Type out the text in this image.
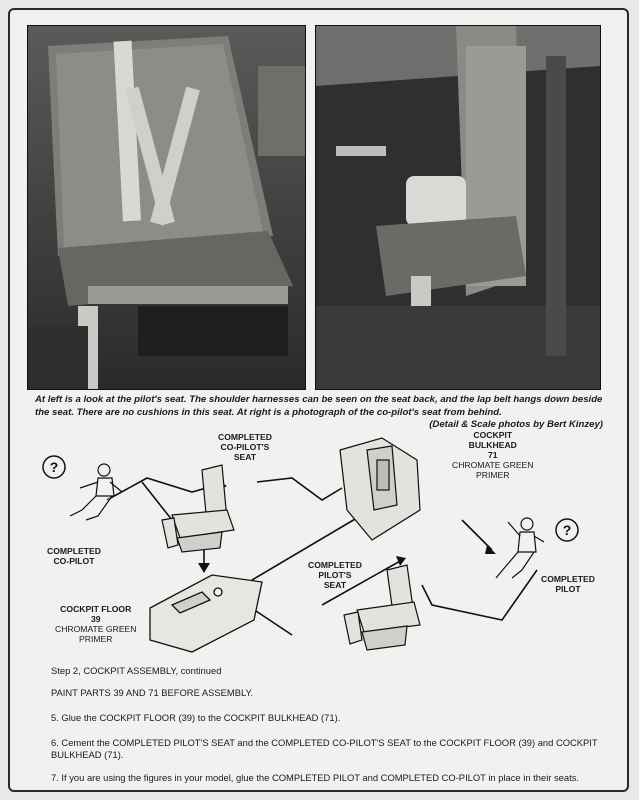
At left is a look at the pilot's seat. The shoulder harnesses can be seen on the seat back, and the lap belt hangs down beside the seat. There are no cushions in this seat. At right is a photograph of the co-pilot's seat from behind.
(Detail & Scale photos by Bert Kinzey)
?
?
COMPLETED
CO-PILOT'S
SEAT
COCKPIT
BULKHEAD
71
CHROMATE GREEN
PRIMER
COMPLETED
CO-PILOT	COMPLETED
PILOT'S
SEAT
COMPLETED
PILOT
COCKPIT FLOOR
39
CHROMATE GREEN
PRIMER
Step 2, COCKPIT ASSEMBLY, continued
PAINT PARTS 39 AND 71 BEFORE ASSEMBLY.
5. Glue the COCKPIT FLOOR (39) to the COCKPIT BULKHEAD (71).
6. Cement the COMPLETED PILOT'S SEAT and the COMPLETED CO-PILOT'S SEAT to the COCKPIT FLOOR (39) and COCKPIT BULKHEAD (71).
7. If you are using the figures in your model, glue the COMPLETED PILOT and COMPLETED CO-PILOT in place in their seats.
